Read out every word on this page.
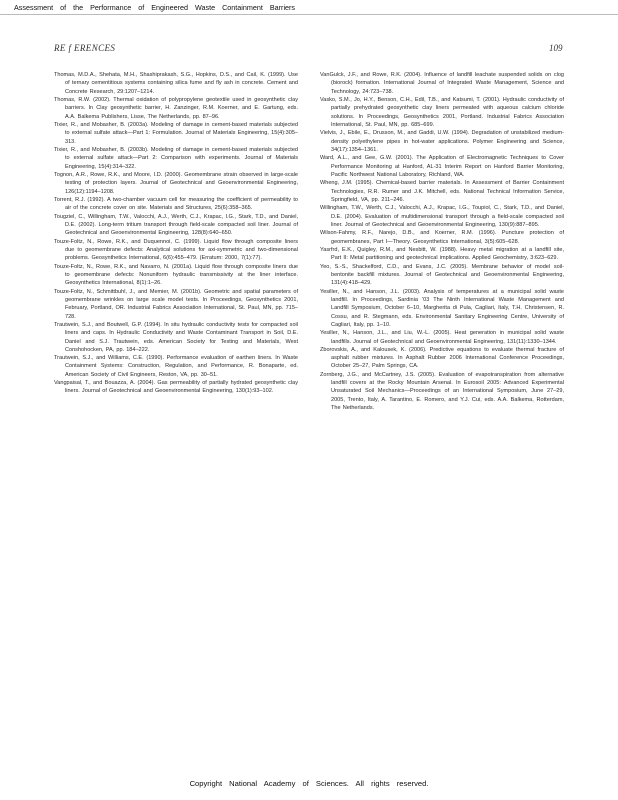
Assessment of the Performance of Engineered Waste Containment Barriers
RE f ERENCES	109

Thomas, M.D.A., Shehata, M.H., Shashiprakash, S.G., Hopkins, D.S., and Cail, K. (1999). Use of ternary cementitious systems containing silica fume and fly ash in concrete. Cement and Concrete Research, 29:1207–1214.

Thomas, R.W. (2002). Thermal oxidation of polypropylene geotextile used in geosynthetic clay barriers. In Clay geosynthetic barrier, H. Zanzinger, R.M. Koerner, and E. Gartung, eds. A.A. Balkema Publishers, Lisse, The Netherlands, pp. 87–96.

Tixier, R., and Mobasher, B. (2003a). Modeling of damage in cement-based materials subjected to external sulfate attack—Part 1: Formulation. Journal of Materials Engineering, 15(4):305–313.

Tixier, R., and Mobasher, B. (2003b). Modeling of damage in cement-based materials subjected to external sulfate attack—Part 2: Comparison with experiments. Journal of Materials Engineering, 15(4):314–322.

Tognon, A.R., Rowe, R.K., and Moore, I.D. (2000). Geomembrane strain observed in large-scale testing of protection layers. Journal of Geotechnical and Geoenvironmental Engineering, 126(12):1194–1208.

Torrent, R.J. (1992). A two-chamber vacuum cell for measuring the coefficient of permeability to air of the concrete cover on site. Materials and Structures, 25(6):358–365.

Tougziel, C., Willingham, T.W., Valocchi, A.J., Werth, C.J., Krapac, I.G., Stark, T.D., and Daniel, D.E. (2002). Long-term tritium transport through field-scale compacted soil liner. Journal of Geotechnical and Geoenvironmental Engineering, 128(8):640–650.

Touze-Foltz, N., Rowe, R.K., and Duquennoi, C. (1999). Liquid flow through composite liners due to geomembrane defects: Analytical solutions for axi-symmetric and two-dimensional problems. Geosynthetics International, 6(6):455–479. (Erratum: 2000, 7(1):77).

Touze-Foltz, N., Rowe, R.K., and Navarro, N. (2001a). Liquid flow through composite liners due to geomembrane defects: Nonuniform hydraulic transmissivity at the liner interface. Geosynthetics International, 8(1):1–26.

Touze-Foltz, N., Schmittbuhl, J., and Memier, M. (2001b). Geometric and spatial parameters of geomembrane wrinkles on large scale model tests. In Proceedings, Geosynthetics 2001, February, Portland, OR. Industrial Fabrics Association International, St. Paul, MN, pp. 715–728.

Trautwein, S.J., and Boutwell, G.P. (1994). In situ hydraulic conductivity tests for compacted soil liners and caps. In Hydraulic Conductivity and Waste Contaminant Transport in Soil, D.E. Daniel and S.J. Trautwein, eds. American Society for Testing and Materials, West Conshohocken, PA, pp. 184–222.

Trautwein, S.J., and Williams, C.E. (1990). Performance evaluation of earthen liners. In Waste Containment Systems: Construction, Regulation, and Performance, R. Bonaparte, ed. American Society of Civil Engineers, Reston, VA, pp. 30–51.

Vangpaisal, T., and Bouazza, A. (2004). Gas permeability of partially hydrated geosynthetic clay liners. Journal of Geotechnical and Geoenvironmental Engineering, 130(1):93–102.

VanGulck, J.F., and Rowe, R.K. (2004). Influence of landfill leachate suspended solids on clog (biorock) formation. International Journal of Integrated Waste Management, Science and Technology, 24:723–738.

Vasko, S.M., Jo, H.Y., Benson, C.H., Edil, T.B., and Katsumi, T. (2001). Hydraulic conductivity of partially prehydrated geosynthetic clay liners permeated with aqueous calcium chloride solutions. In Proceedings, Geosynthetics 2001, Portland. Industrial Fabrics Association International, St. Paul, MN, pp. 685–699.

Vielvis, J., Ebile, E., Drusson, M., and Gaddi, U.W. (1994). Degradation of unstabilized medium-density polyethylene pipes in hot-water applications. Polymer Engineering and Science, 34(17):1354–1361.

Ward, A.L., and Gee, G.W. (2001). The Application of Electromagnetic Techniques to Cover Performance Monitoring at Hanford, AL-31 Interim Report on Hanford Barrier Monitoring, Pacific Northwest National Laboratory, Richland, WA.

Wheng, J.M. (1995). Chemical-based barrier materials. In Assessment of Barrier Containment Technologies, R.R. Rumer and J.K. Mitchell, eds. National Technical Information Service, Springfield, VA, pp. 211–246.

Willingham, T.W., Werth, C.J., Valocchi, A.J., Krapac, I.G., Toupiol, C., Stark, T.D., and Daniel, D.E. (2004). Evaluation of multidimensional transport through a field-scale compacted soil liner. Journal of Geotechnical and Geoenvironmental Engineering, 130(9):887–895.

Wilson-Fahmy, R.F., Narejo, D.B., and Koerner, R.M. (1996). Puncture protection of geomembranes, Part I—Theory. Geosynthetics International, 3(5):605–628.

Yasrfrd, E.K., Quigley, R.M., and Nesbitt, W. (1988). Heavy metal migration at a landfill site, Part II: Metal partitioning and geotechnical implications. Applied Geochemistry, 3:623–629.

Yeo, S.-S., Shackelford, C.D., and Evans, J.C. (2005). Membrane behavior of model soil-bentonite backfill mixtures. Journal of Geotechnical and Geoenvironmental Engineering, 131(4):418–429.

Yesiller, N., and Hanson, J.L. (2003). Analysis of temperatures at a municipal solid waste landfill. In Proceedings, Sardinia '03 The Ninth International Waste Management and Landfill Symposium, October 6–10, Margherita di Pula, Cagliari, Italy, T.H. Christensen, R. Cossu, and R. Stegmann, eds. Environmental Sanitary Engineering Centre, University of Cagliari, Italy, pp. 1–10.

Yesiller, N., Hanson, J.L., and Liu, W.-L. (2005). Heat generation in municipal solid waste landfills. Journal of Geotechnical and Geoenvironmental Engineering, 131(11):1330–1344.

Zborovskis, A., and Kalousek, K. (2006). Predictive equations to evaluate thermal fracture of asphalt rubber mixtures. In Asphalt Rubber 2006 International Conference Proceedings, October 25–27, Palm Springs, CA.

Zornberg, J.G., and McCartney, J.S. (2005). Evaluation of evapotranspiration from alternative landfill covers at the Rocky Mountain Arsenal. In Eurosoil 2005: Advanced Experimental Unsaturated Soil Mechanics—Proceedings of an International Symposium, June 27–29, 2005, Trento, Italy, A. Tarantino, E. Romero, and Y.J. Cui, eds. A.A. Balkema, Rotterdam, The Netherlands.

Copyright National Academy of Sciences. All rights reserved.
